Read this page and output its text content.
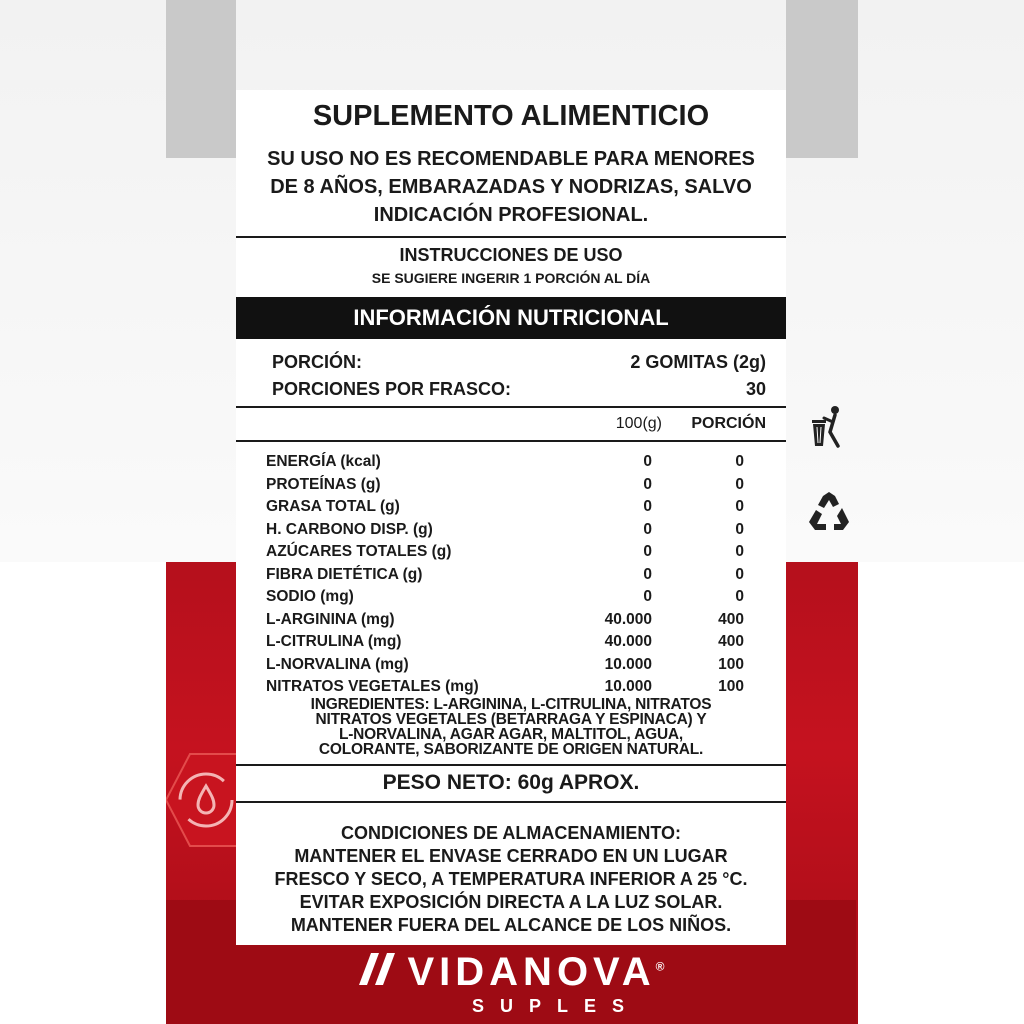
SUPLEMENTO ALIMENTICIO
SU USO NO ES RECOMENDABLE PARA MENORES
DE 8 AÑOS, EMBARAZADAS Y NODRIZAS, SALVO
INDICACIÓN PROFESIONAL.
INSTRUCCIONES DE USO
SE SUGIERE INGERIR 1 PORCIÓN AL DÍA
INFORMACIÓN NUTRICIONAL
PORCIÓN:	2 GOMITAS (2g)
PORCIONES POR FRASCO:	30
100(g)	PORCIÓN
ENERGÍA (kcal)	0	0
PROTEÍNAS (g)	0	0
GRASA TOTAL (g)	0	0
H. CARBONO DISP. (g)	0	0
AZÚCARES TOTALES (g)	0	0
FIBRA DIETÉTICA (g)	0	0
SODIO (mg)	0	0
L-ARGININA (mg)	40.000	400
L-CITRULINA (mg)	40.000	400
L-NORVALINA (mg)	10.000	100
NITRATOS VEGETALES (mg)	10.000	100
INGREDIENTES: L-ARGININA, L-CITRULINA, NITRATOS
NITRATOS VEGETALES (BETARRAGA Y ESPINACA) Y
L-NORVALINA, AGAR AGAR, MALTITOL, AGUA,
COLORANTE, SABORIZANTE DE ORIGEN NATURAL.
PESO NETO: 60g APROX.
CONDICIONES DE ALMACENAMIENTO:
MANTENER EL ENVASE CERRADO EN UN LUGAR
FRESCO Y SECO, A TEMPERATURA INFERIOR A 25 °C.
EVITAR EXPOSICIÓN DIRECTA A LA LUZ SOLAR.
MANTENER FUERA DEL ALCANCE DE LOS NIÑOS.
VIDANOVA®
SUPLES
